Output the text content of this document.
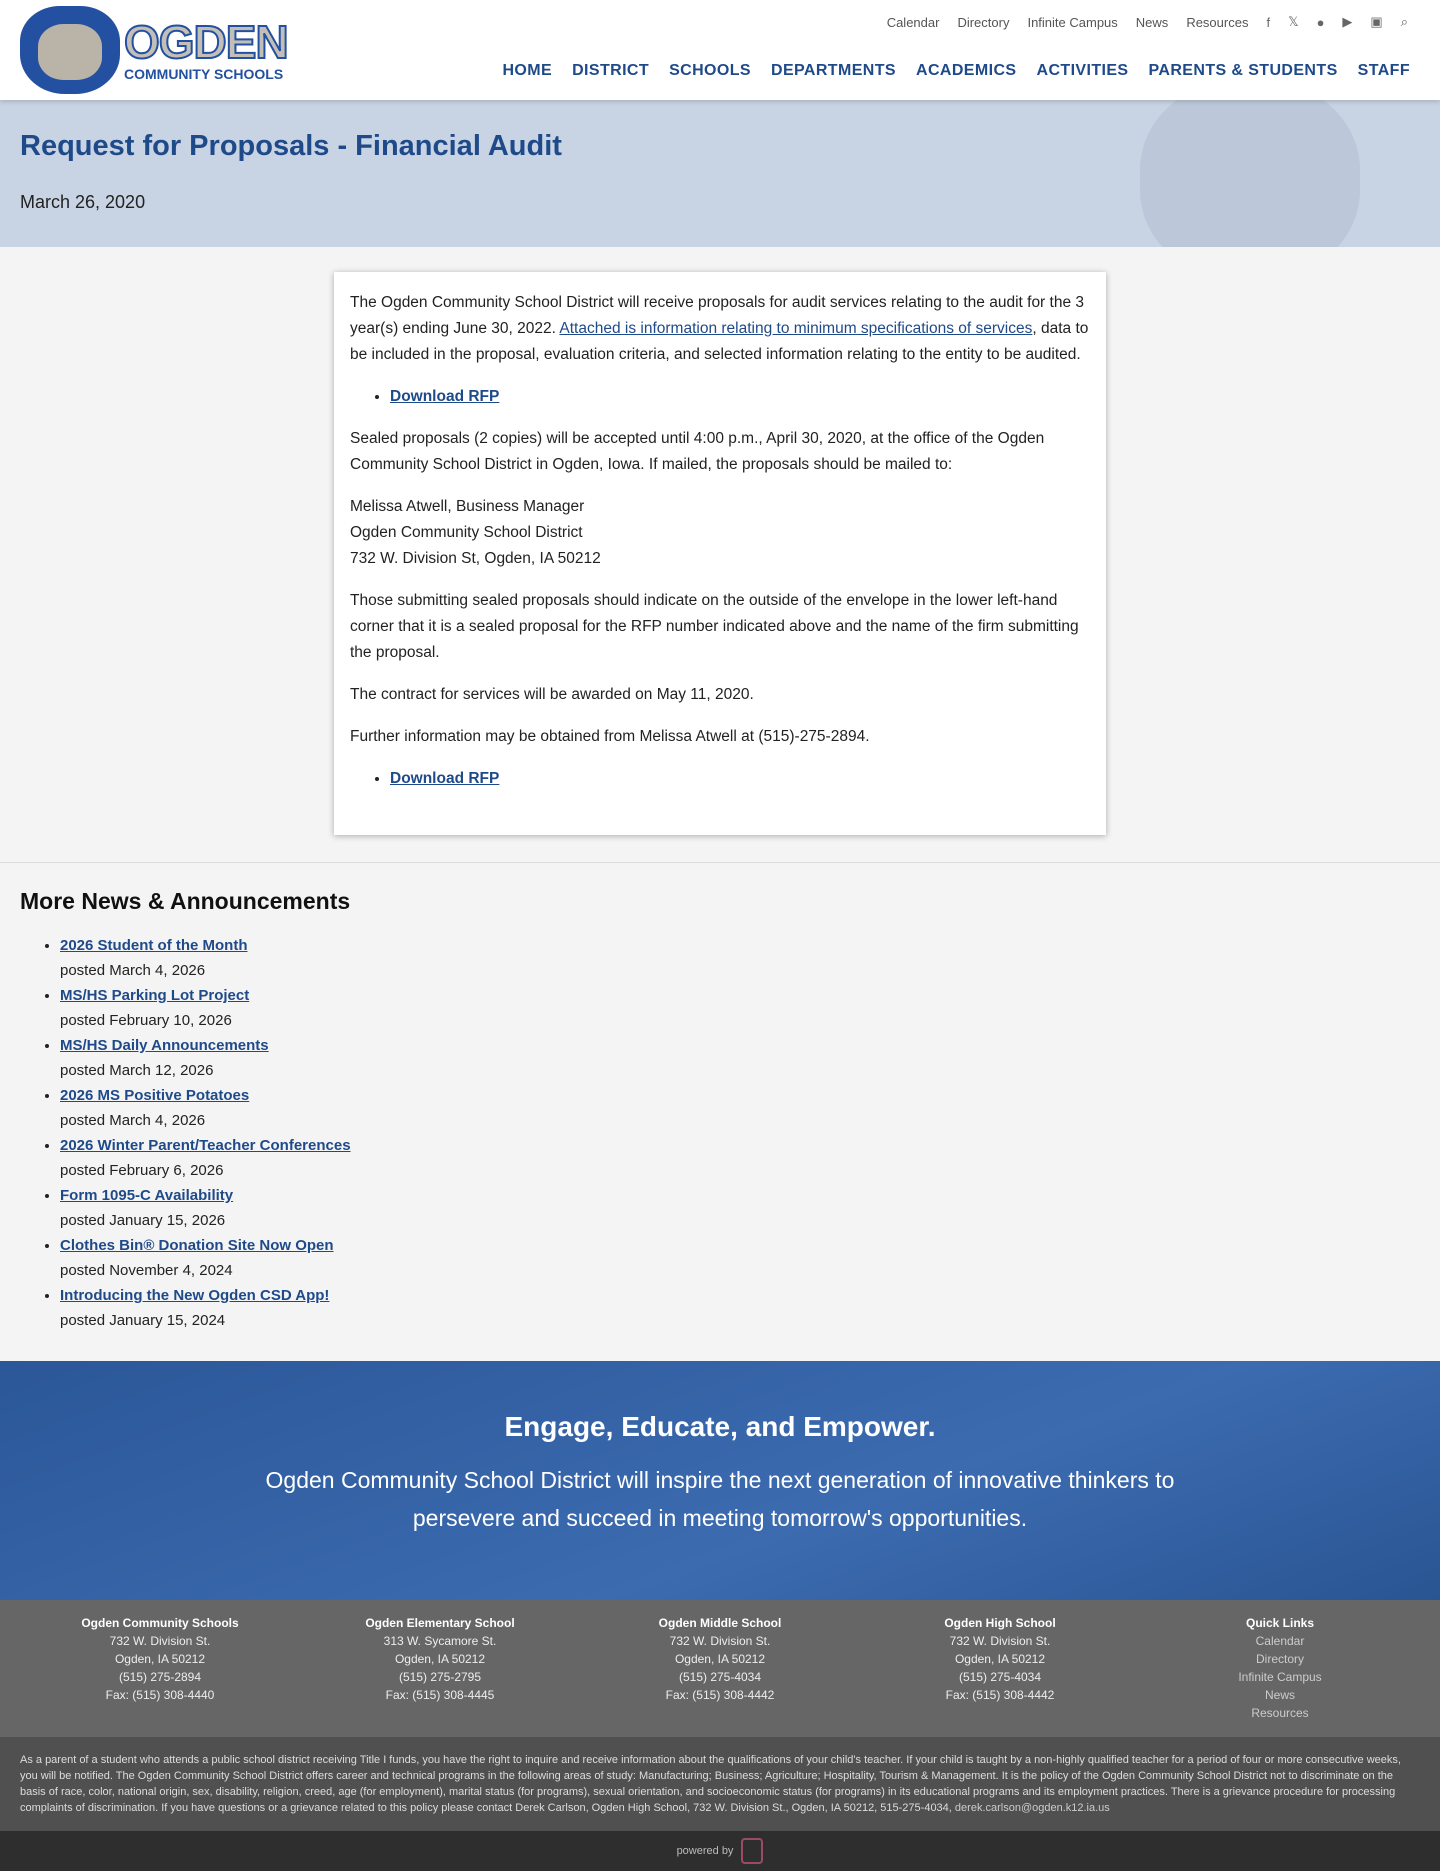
OGDEN
COMMUNITY SCHOOLS
Calendar Directory Infinite Campus News Resources f 𝕏 ● ▶ ▣ ⌕
HOME DISTRICT SCHOOLS DEPARTMENTS ACADEMICS ACTIVITIES PARENTS & STUDENTS STAFF
Request for Proposals - Financial Audit
March 26, 2020

The Ogden Community School District will receive proposals for audit services relating to the audit for the 3 year(s) ending June 30, 2022. Attached is information relating to minimum specifications of services, data to be included in the proposal, evaluation criteria, and selected information relating to the entity to be audited.

• Download RFP

Sealed proposals (2 copies) will be accepted until 4:00 p.m., April 30, 2020, at the office of the Ogden Community School District in Ogden, Iowa. If mailed, the proposals should be mailed to:

Melissa Atwell, Business Manager
Ogden Community School District
732 W. Division St, Ogden, IA 50212

Those submitting sealed proposals should indicate on the outside of the envelope in the lower left-hand corner that it is a sealed proposal for the RFP number indicated above and the name of the firm submitting the proposal.

The contract for services will be awarded on May 11, 2020.

Further information may be obtained from Melissa Atwell at (515)-275-2894.

• Download RFP
More News & Announcements
• 2026 Student of the Month
posted March 4, 2026
• MS/HS Parking Lot Project
posted February 10, 2026
• MS/HS Daily Announcements
posted March 12, 2026
• 2026 MS Positive Potatoes
posted March 4, 2026
• 2026 Winter Parent/Teacher Conferences
posted February 6, 2026
• Form 1095-C Availability
posted January 15, 2026
• Clothes Bin® Donation Site Now Open
posted November 4, 2024
• Introducing the New Ogden CSD App!
posted January 15, 2024
Engage, Educate, and Empower.

Ogden Community School District will inspire the next generation of innovative thinkers to persevere and succeed in meeting tomorrow's opportunities.

Ogden Community Schools
732 W. Division St.
Ogden, IA 50212
(515) 275-2894
Fax: (515) 308-4440
Ogden Elementary School
313 W. Sycamore St.
Ogden, IA 50212
(515) 275-2795
Fax: (515) 308-4445
Ogden Middle School
732 W. Division St.
Ogden, IA 50212
(515) 275-4034
Fax: (515) 308-4442
Ogden High School
732 W. Division St.
Ogden, IA 50212
(515) 275-4034
Fax: (515) 308-4442
Quick Links
Calendar
Directory
Infinite Campus
News
Resources
As a parent of a student who attends a public school district receiving Title I funds, you have the right to inquire and receive information about the qualifications of your child's teacher. If your child is taught by a non-highly qualified teacher for a period of four or more consecutive weeks, you will be notified. The Ogden Community School District offers career and technical programs in the following areas of study: Manufacturing; Business; Agriculture; Hospitality, Tourism & Management. It is the policy of the Ogden Community School District not to discriminate on the basis of race, color, national origin, sex, disability, religion, creed, age (for employment), marital status (for programs), sexual orientation, and socioeconomic status (for programs) in its educational programs and its employment practices. There is a grievance procedure for processing complaints of discrimination. If you have questions or a grievance related to this policy please contact Derek Carlson, Ogden High School, 732 W. Division St., Ogden, IA 50212, 515-275-4034, derek.carlson@ogden.k12.ia.us
powered by
